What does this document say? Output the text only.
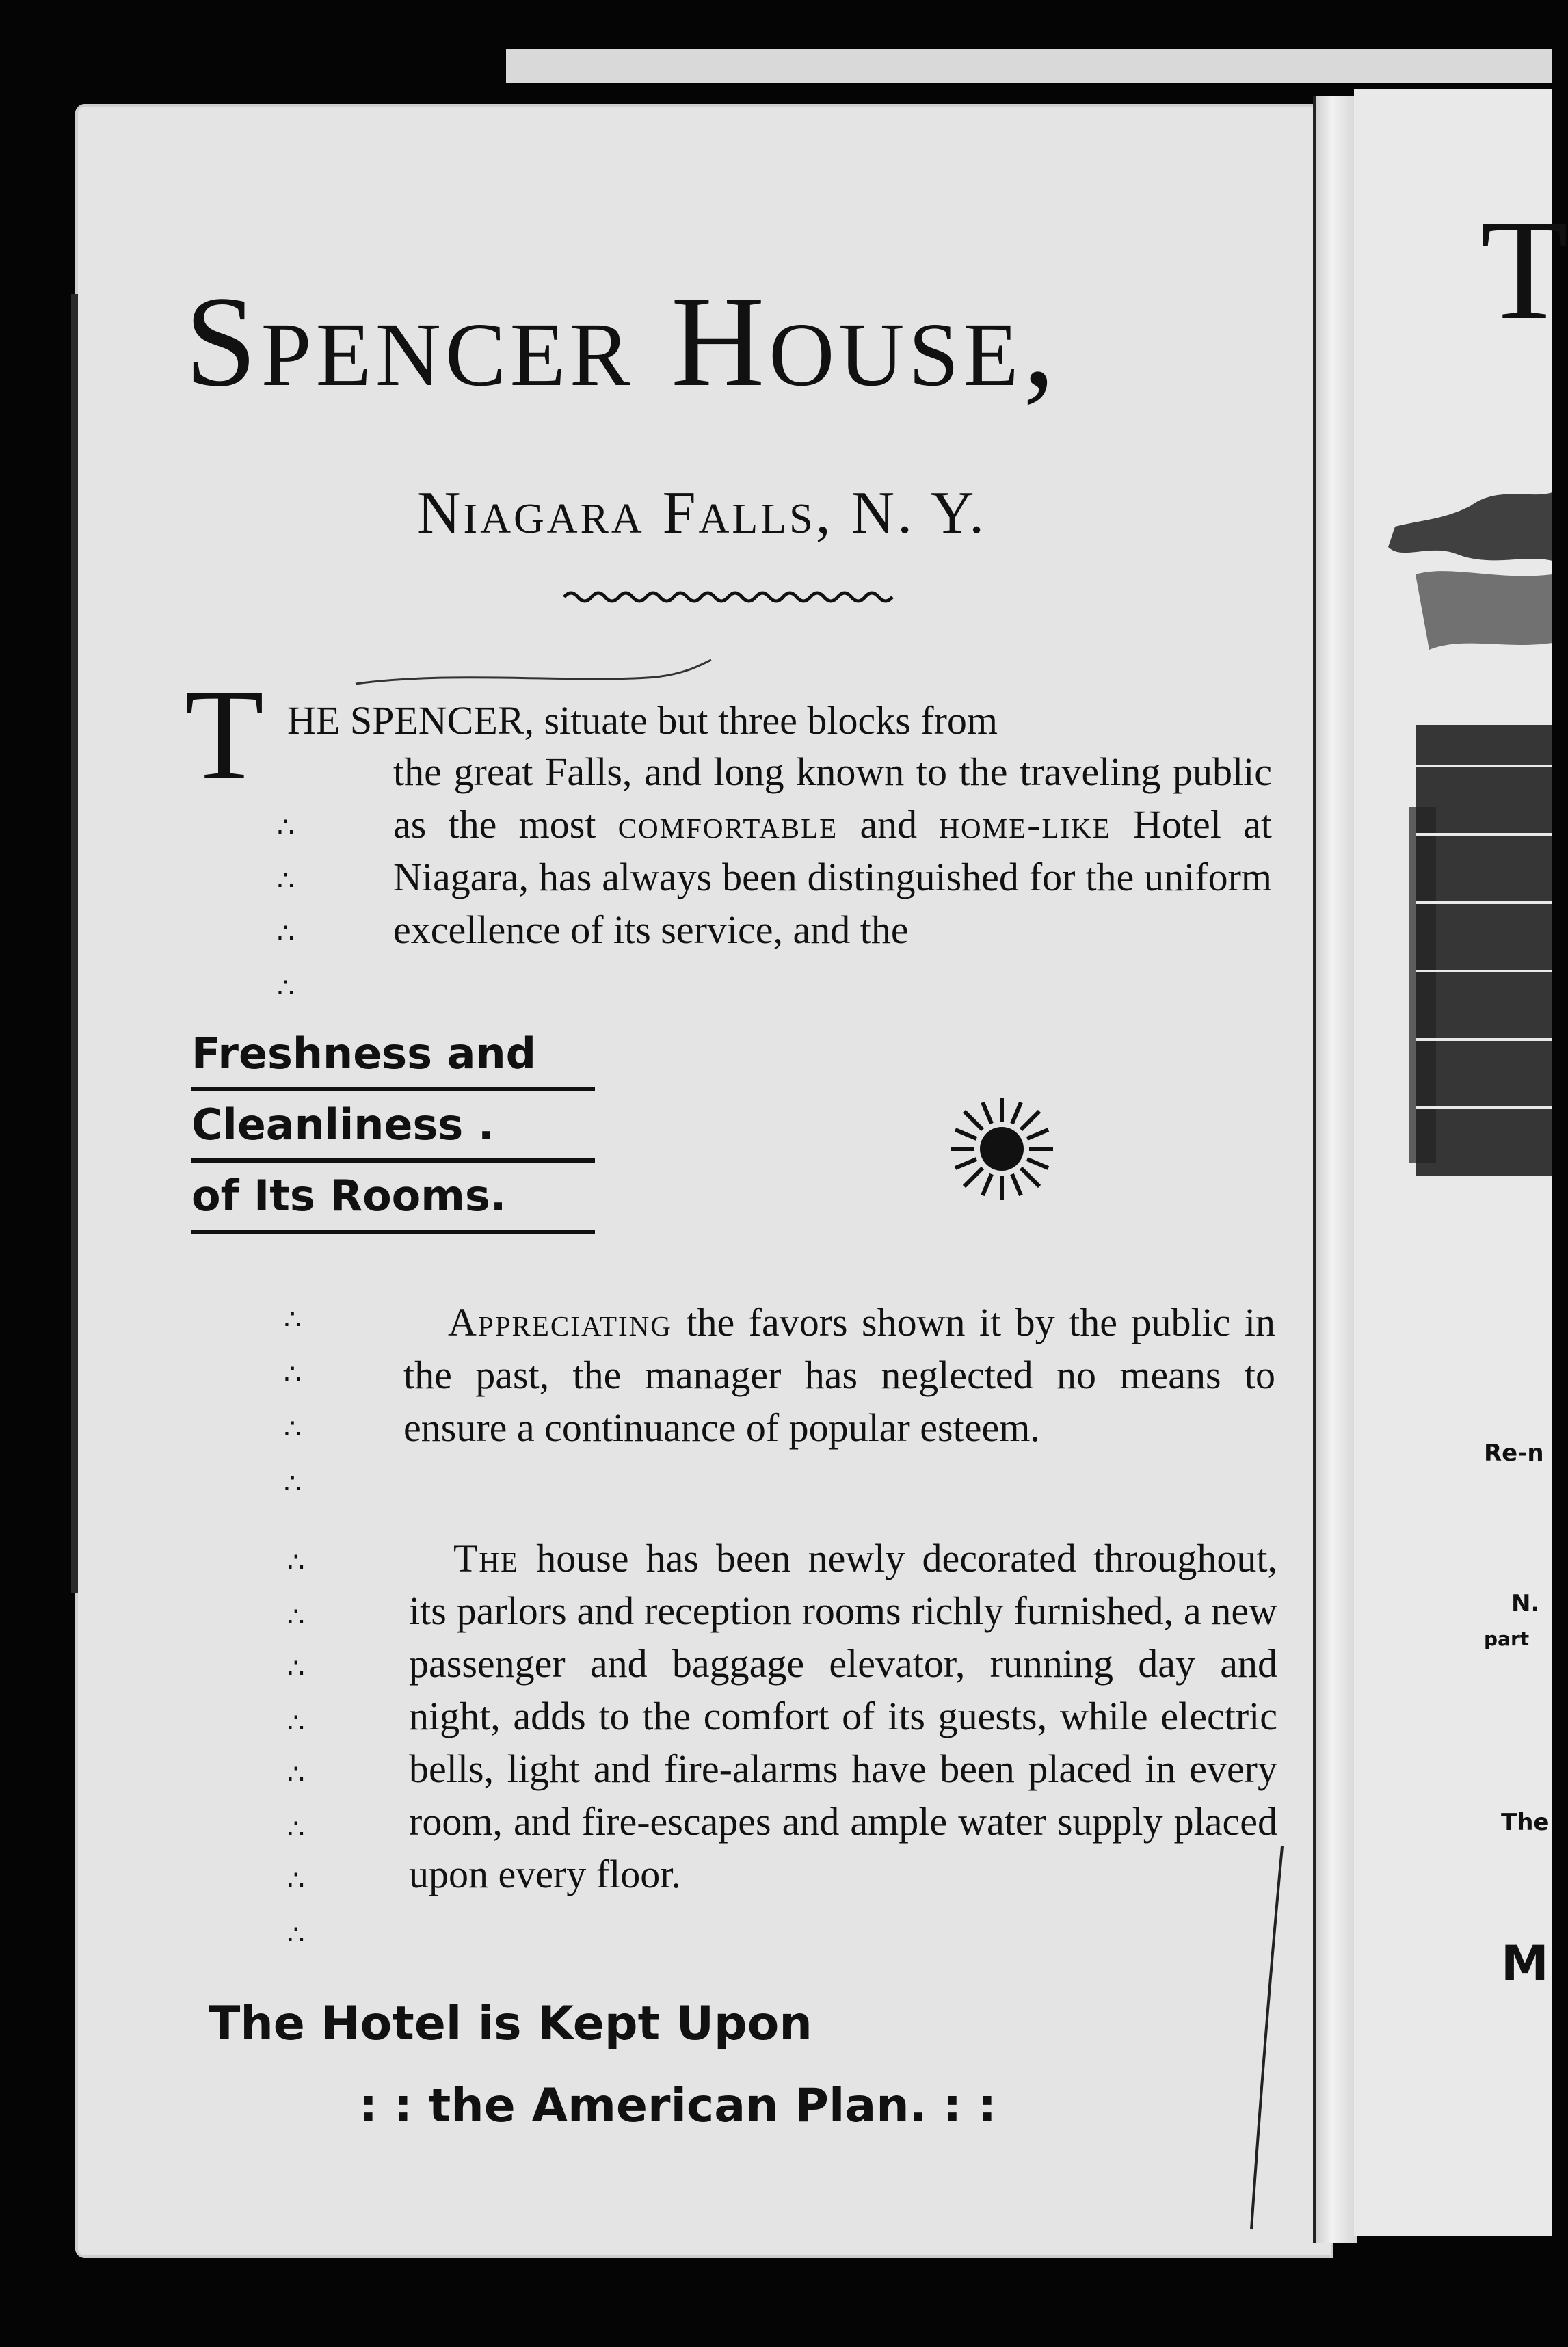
T
Re-n
N.
part
The
M
Spencer House,
Niagara Falls, N. Y.
T HE SPENCER, situate but three blocks from

the great Falls, and long known to the traveling public as the most comfortable and home-like Hotel at Niagara, has always been distinguished for the uniform excellence of its service, and the

∴
∴
∴
∴
Freshness and
Cleanliness .
of Its Rooms.
∴
∴
∴
∴

Appreciating the favors shown it by the public in the past, the manager has neglected no means to ensure a continuance of popular esteem.

∴
∴
∴
∴
∴
∴
∴
∴

The house has been newly decorated throughout, its parlors and reception rooms richly furnished, a new passenger and baggage elevator, running day and night, adds to the comfort of its guests, while electric bells, light and fire-alarms have been placed in every room, and fire-escapes and ample water supply placed upon every floor.

The Hotel is Kept Upon
: : the American Plan. : :
